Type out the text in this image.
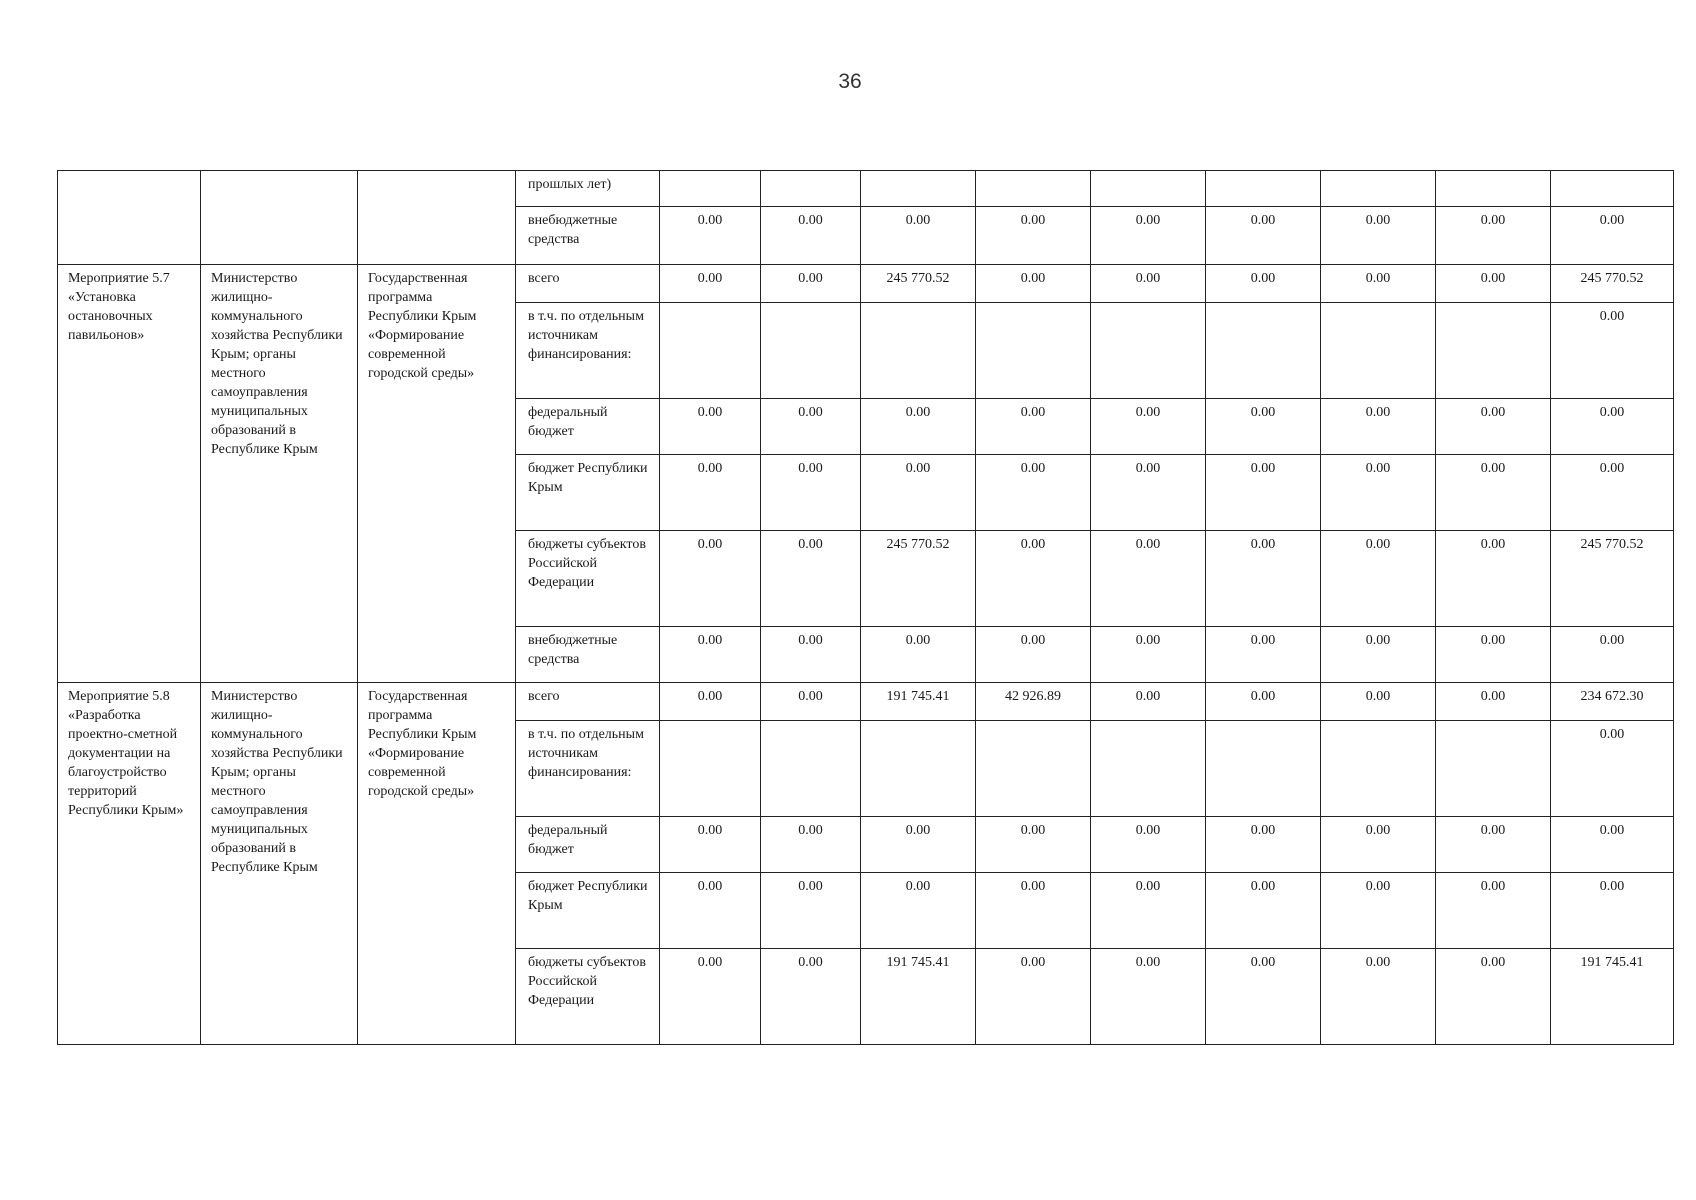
36
			прошлых лет)									
			внебюджетные средства	0.00	0.00	0.00	0.00	0.00	0.00	0.00	0.00	0.00
Мероприятие 5.7 «Установка остановочных павильонов»	Министерство жилищно-коммунального хозяйства Республики Крым; органы местного самоуправления муниципальных образований в Республике Крым	Государственная программа Республики Крым «Формирование современной городской среды»	всего	0.00	0.00	245 770.52	0.00	0.00	0.00	0.00	0.00	245 770.52
			в т.ч. по отдельным источникам финансирования:									0.00
			федеральный бюджет	0.00	0.00	0.00	0.00	0.00	0.00	0.00	0.00	0.00
			бюджет Республики Крым	0.00	0.00	0.00	0.00	0.00	0.00	0.00	0.00	0.00
			бюджеты субъектов Российской Федерации	0.00	0.00	245 770.52	0.00	0.00	0.00	0.00	0.00	245 770.52
			внебюджетные средства	0.00	0.00	0.00	0.00	0.00	0.00	0.00	0.00	0.00
Мероприятие 5.8 «Разработка проектно-сметной документации на благоустройство территорий Республики Крым»	Министерство жилищно-коммунального хозяйства Республики Крым; органы местного самоуправления муниципальных образований в Республике Крым	Государственная программа Республики Крым «Формирование современной городской среды»	всего	0.00	0.00	191 745.41	42 926.89	0.00	0.00	0.00	0.00	234 672.30
			в т.ч. по отдельным источникам финансирования:									0.00
			федеральный бюджет	0.00	0.00	0.00	0.00	0.00	0.00	0.00	0.00	0.00
			бюджет Республики Крым	0.00	0.00	0.00	0.00	0.00	0.00	0.00	0.00	0.00
			бюджеты субъектов Российской Федерации	0.00	0.00	191 745.41	0.00	0.00	0.00	0.00	0.00	191 745.41
